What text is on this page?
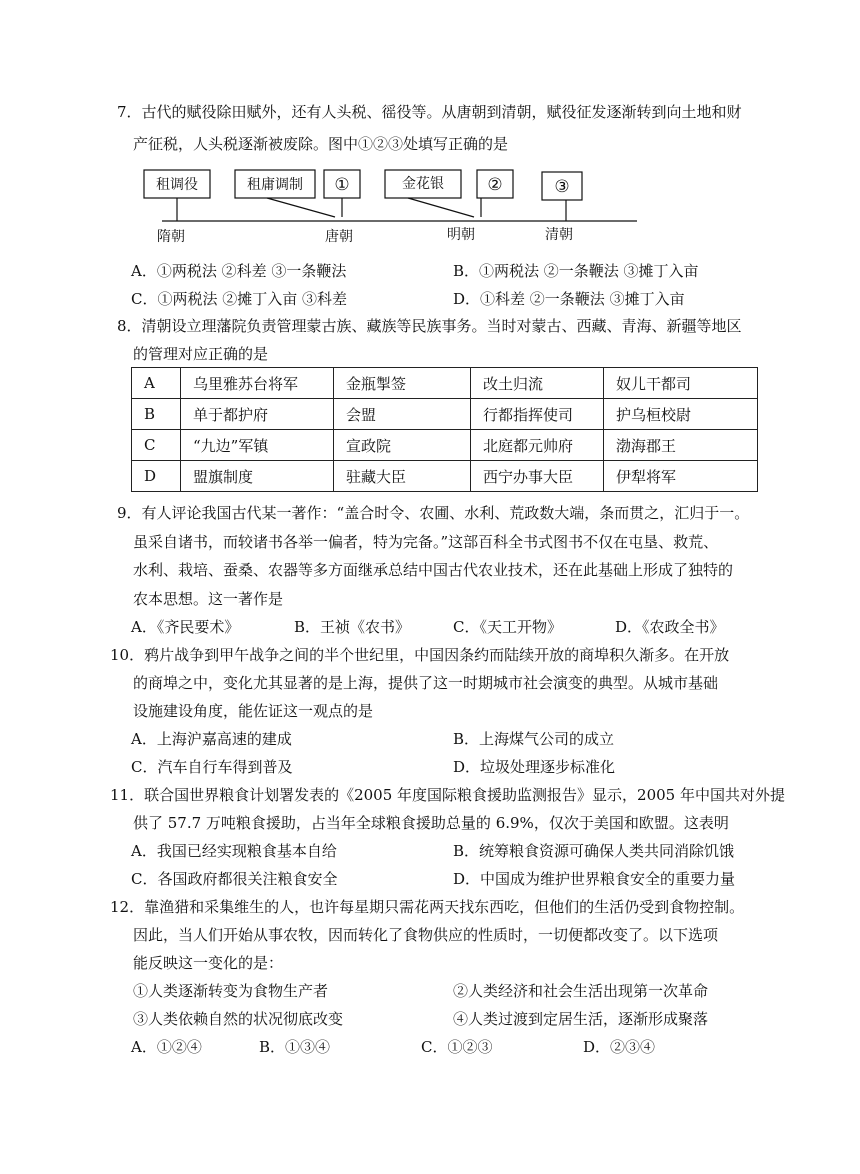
7．古代的赋役除田赋外，还有人头税、徭役等。从唐朝到清朝，赋役征发逐渐转到向土地和财
产征税，人头税逐渐被废除。图中①②③处填写正确的是
租调役	租庸调制 ①	金花银	②	③
隋朝	唐朝	明朝	清朝
A．①两税法 ②科差 ③一条鞭法	B．①两税法 ②一条鞭法 ③摊丁入亩
C．①两税法 ②摊丁入亩 ③科差	D．①科差 ②一条鞭法 ③摊丁入亩
8．清朝设立理藩院负责管理蒙古族、藏族等民族事务。当时对蒙古、西藏、青海、新疆等地区
的管理对应正确的是
A	乌里雅苏台将军	金瓶掣签	改土归流	奴儿干都司
B	单于都护府	会盟	行都指挥使司	护乌桓校尉
C	“九边”军镇	宣政院	北庭都元帅府	渤海郡王
D	盟旗制度	驻藏大臣	西宁办事大臣	伊犁将军
9．有人评论我国古代某一著作：“盖合时令、农圃、水利、荒政数大端，条而贯之，汇归于一。
虽采自诸书，而较诸书各举一偏者，特为完备。”这部百科全书式图书不仅在屯垦、救荒、
水利、栽培、蚕桑、农器等多方面继承总结中国古代农业技术，还在此基础上形成了独特的
农本思想。这一著作是
A．《齐民要术》	B．王祯《农书》	C．《天工开物》	D．《农政全书》
10．鸦片战争到甲午战争之间的半个世纪里，中国因条约而陆续开放的商埠积久渐多。在开放
的商埠之中，变化尤其显著的是上海，提供了这一时期城市社会演变的典型。从城市基础
设施建设角度，能佐证这一观点的是
A．上海沪嘉高速的建成	B．上海煤气公司的成立
C．汽车自行车得到普及	D．垃圾处理逐步标准化
11．联合国世界粮食计划署发表的《2005 年度国际粮食援助监测报告》显示，2005 年中国共对外提
供了 57.7 万吨粮食援助，占当年全球粮食援助总量的 6.9%，仅次于美国和欧盟。这表明
A．我国已经实现粮食基本自给	B．统筹粮食资源可确保人类共同消除饥饿
C．各国政府都很关注粮食安全	D．中国成为维护世界粮食安全的重要力量
12．靠渔猎和采集维生的人，也许每星期只需花两天找东西吃，但他们的生活仍受到食物控制。
因此，当人们开始从事农牧，因而转化了食物供应的性质时，一切便都改变了。以下选项
能反映这一变化的是：
①人类逐渐转变为食物生产者	②人类经济和社会生活出现第一次革命
③人类依赖自然的状况彻底改变	④人类过渡到定居生活，逐渐形成聚落
A．①②④	B．①③④	C．①②③	D．②③④
